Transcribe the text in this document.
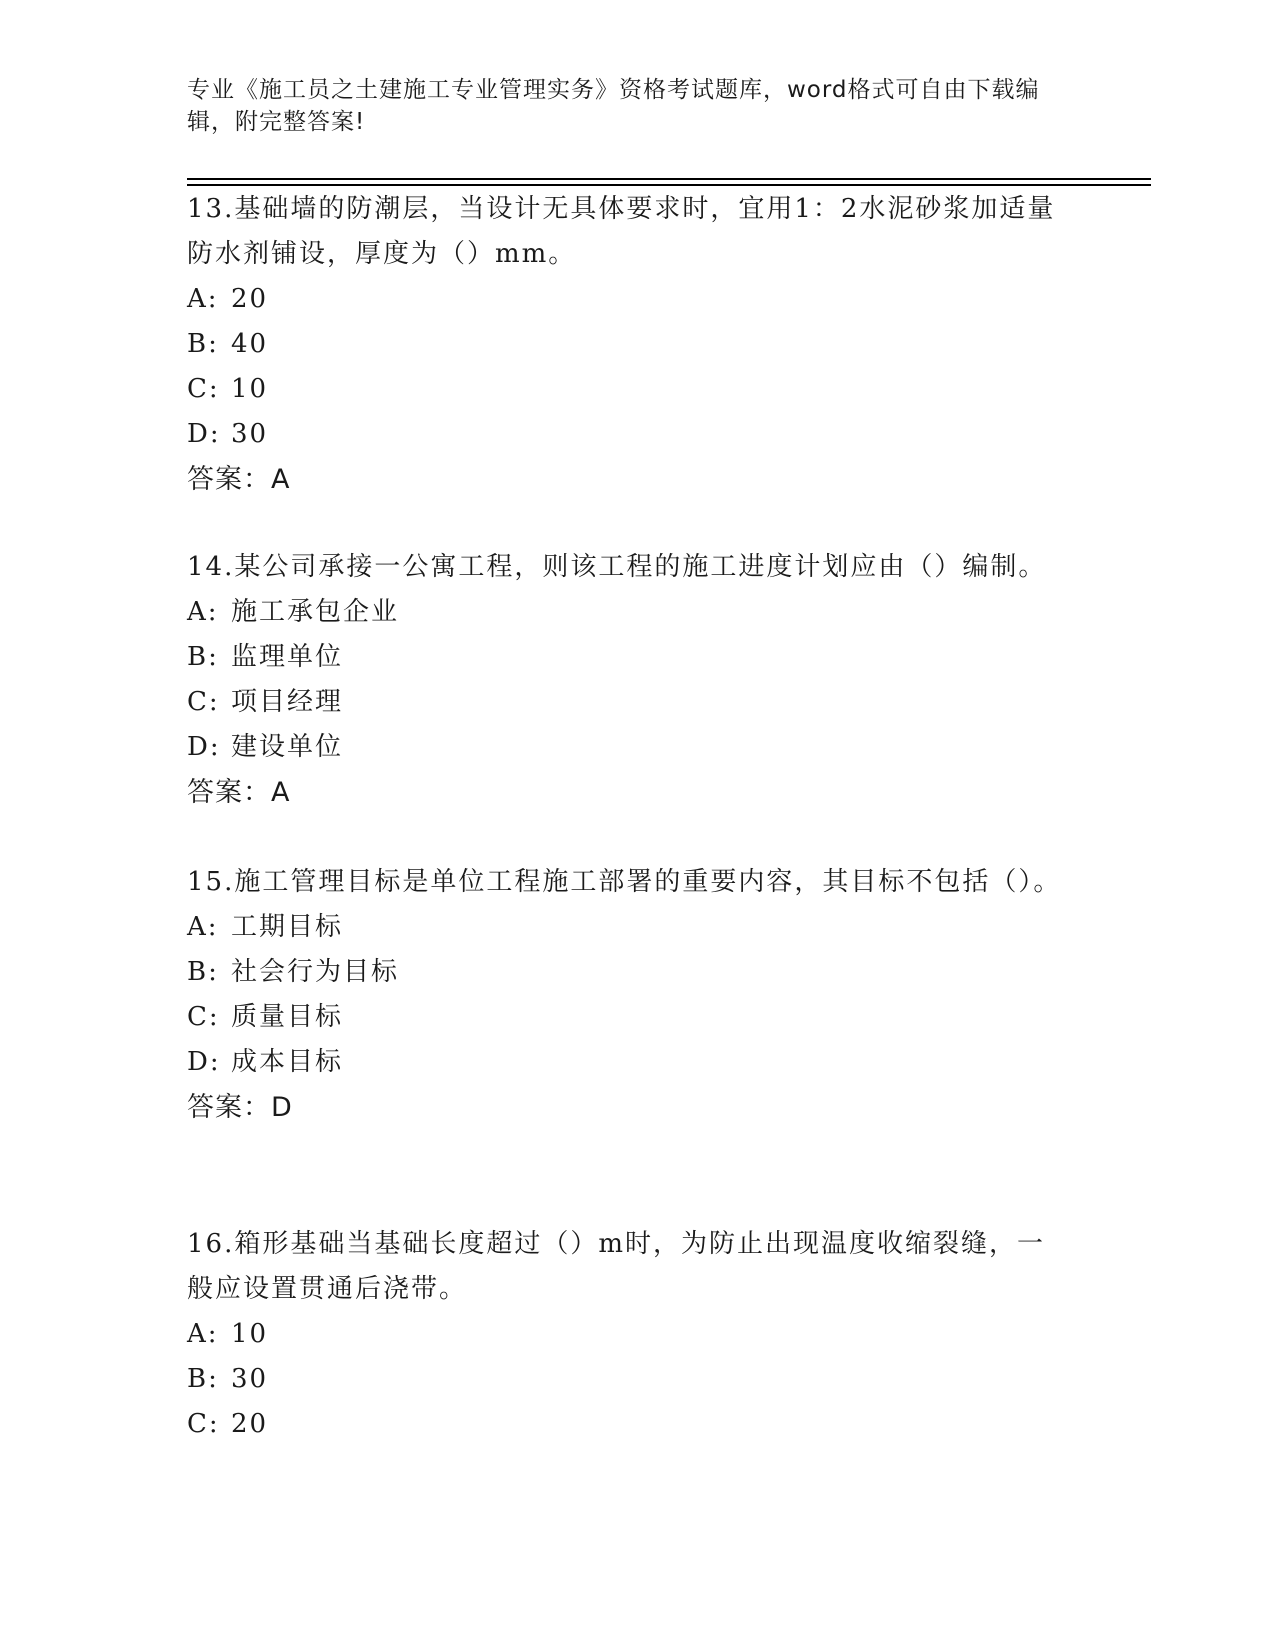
专业《施工员之土建施工专业管理实务》资格考试题库，word格式可自由下载编辑，附完整答案!

13.基础墙的防潮层，当设计无具体要求时，宜用1：2水泥砂浆加适量防水剂铺设，厚度为（）mm。

A: 20
B: 40
C: 10
D: 30
答案：A

14.某公司承接一公寓工程，则该工程的施工进度计划应由（）编制。

A: 施工承包企业
B: 监理单位
C: 项目经理
D: 建设单位
答案：A

15.施工管理目标是单位工程施工部署的重要内容，其目标不包括（）。

A: 工期目标
B: 社会行为目标
C: 质量目标
D: 成本目标
答案：D

16.箱形基础当基础长度超过（）m时，为防止出现温度收缩裂缝，一般应设置贯通后浇带。

A: 10
B: 30
C: 20
